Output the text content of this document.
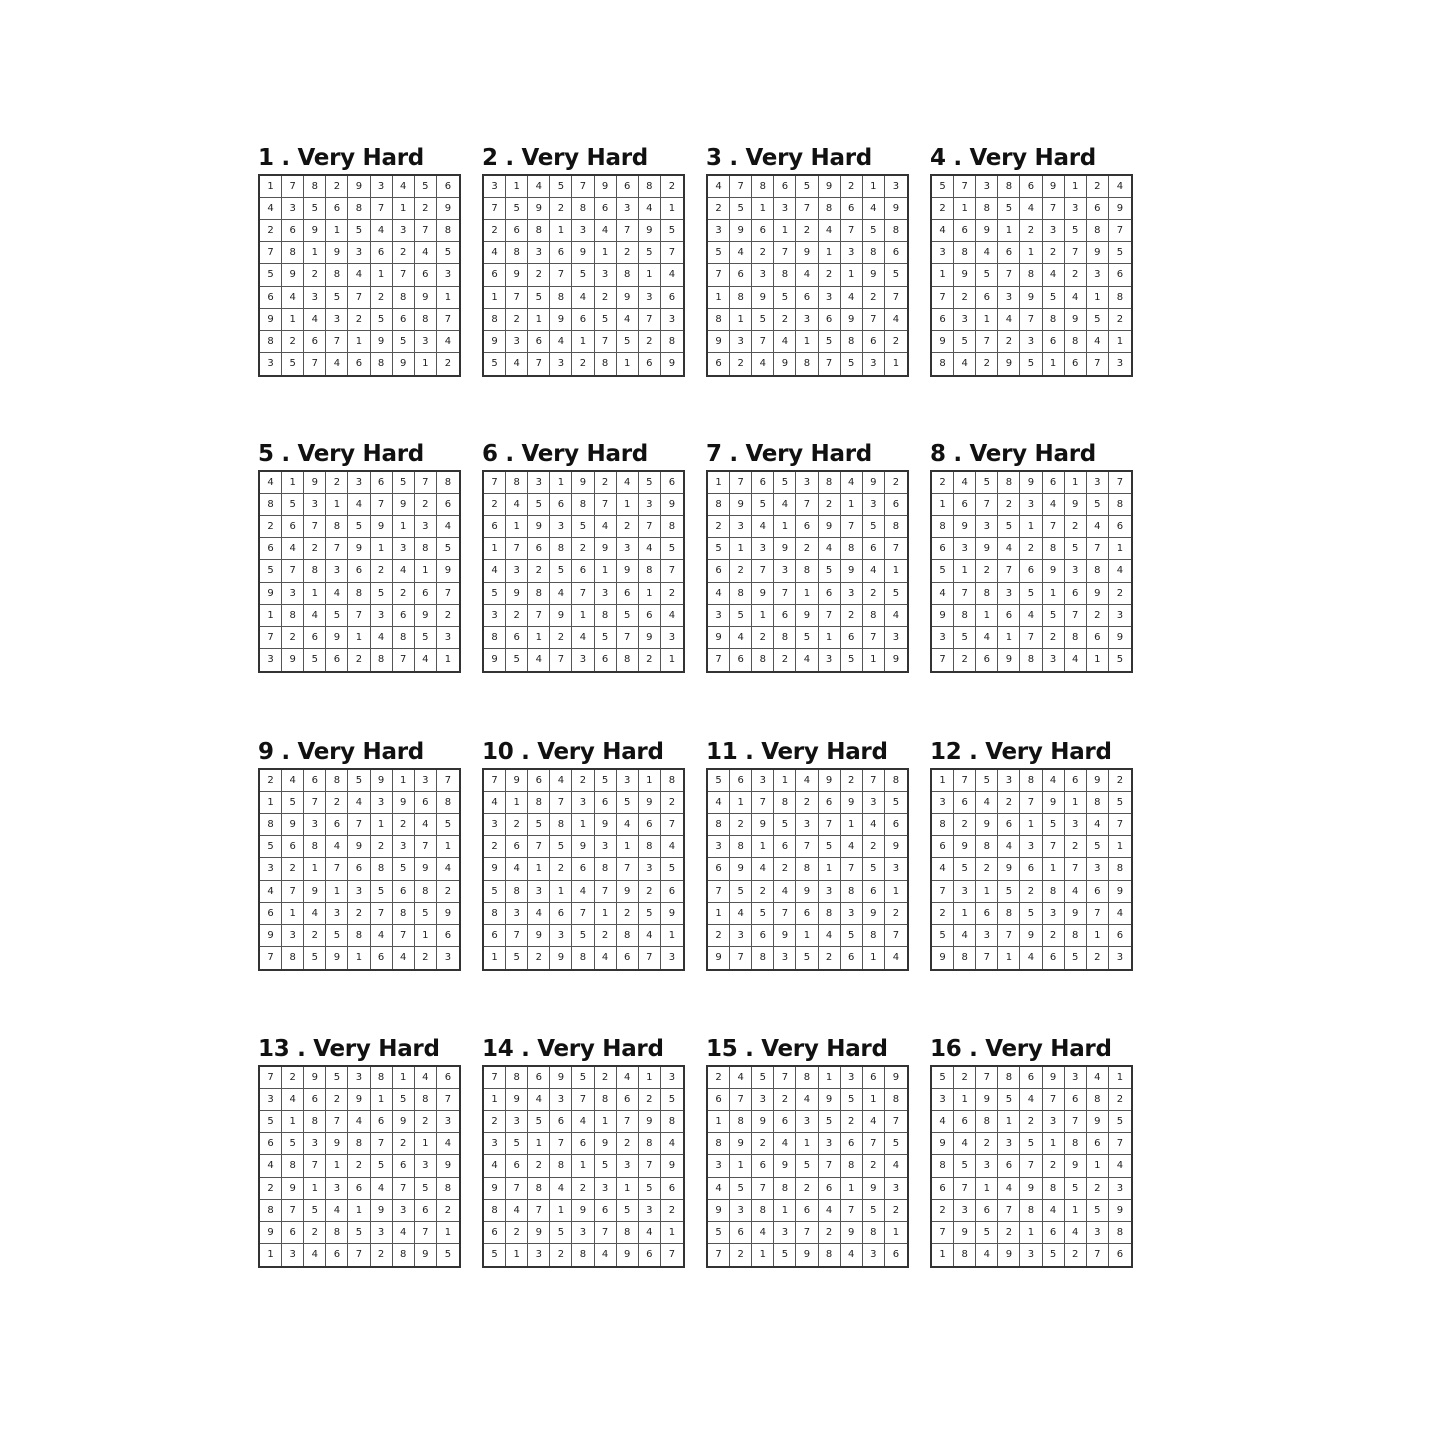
1 . Very Hard
1	7	8	2	9	3	4	5	6
4	3	5	6	8	7	1	2	9
2	6	9	1	5	4	3	7	8
7	8	1	9	3	6	2	4	5
5	9	2	8	4	1	7	6	3
6	4	3	5	7	2	8	9	1
9	1	4	3	2	5	6	8	7
8	2	6	7	1	9	5	3	4
3	5	7	4	6	8	9	1	2
2 . Very Hard
3	1	4	5	7	9	6	8	2
7	5	9	2	8	6	3	4	1
2	6	8	1	3	4	7	9	5
4	8	3	6	9	1	2	5	7
6	9	2	7	5	3	8	1	4
1	7	5	8	4	2	9	3	6
8	2	1	9	6	5	4	7	3
9	3	6	4	1	7	5	2	8
5	4	7	3	2	8	1	6	9
3 . Very Hard
4	7	8	6	5	9	2	1	3
2	5	1	3	7	8	6	4	9
3	9	6	1	2	4	7	5	8
5	4	2	7	9	1	3	8	6
7	6	3	8	4	2	1	9	5
1	8	9	5	6	3	4	2	7
8	1	5	2	3	6	9	7	4
9	3	7	4	1	5	8	6	2
6	2	4	9	8	7	5	3	1
4 . Very Hard
5	7	3	8	6	9	1	2	4
2	1	8	5	4	7	3	6	9
4	6	9	1	2	3	5	8	7
3	8	4	6	1	2	7	9	5
1	9	5	7	8	4	2	3	6
7	2	6	3	9	5	4	1	8
6	3	1	4	7	8	9	5	2
9	5	7	2	3	6	8	4	1
8	4	2	9	5	1	6	7	3
5 . Very Hard
4	1	9	2	3	6	5	7	8
8	5	3	1	4	7	9	2	6
2	6	7	8	5	9	1	3	4
6	4	2	7	9	1	3	8	5
5	7	8	3	6	2	4	1	9
9	3	1	4	8	5	2	6	7
1	8	4	5	7	3	6	9	2
7	2	6	9	1	4	8	5	3
3	9	5	6	2	8	7	4	1
6 . Very Hard
7	8	3	1	9	2	4	5	6
2	4	5	6	8	7	1	3	9
6	1	9	3	5	4	2	7	8
1	7	6	8	2	9	3	4	5
4	3	2	5	6	1	9	8	7
5	9	8	4	7	3	6	1	2
3	2	7	9	1	8	5	6	4
8	6	1	2	4	5	7	9	3
9	5	4	7	3	6	8	2	1
7 . Very Hard
1	7	6	5	3	8	4	9	2
8	9	5	4	7	2	1	3	6
2	3	4	1	6	9	7	5	8
5	1	3	9	2	4	8	6	7
6	2	7	3	8	5	9	4	1
4	8	9	7	1	6	3	2	5
3	5	1	6	9	7	2	8	4
9	4	2	8	5	1	6	7	3
7	6	8	2	4	3	5	1	9
8 . Very Hard
2	4	5	8	9	6	1	3	7
1	6	7	2	3	4	9	5	8
8	9	3	5	1	7	2	4	6
6	3	9	4	2	8	5	7	1
5	1	2	7	6	9	3	8	4
4	7	8	3	5	1	6	9	2
9	8	1	6	4	5	7	2	3
3	5	4	1	7	2	8	6	9
7	2	6	9	8	3	4	1	5
9 . Very Hard
2	4	6	8	5	9	1	3	7
1	5	7	2	4	3	9	6	8
8	9	3	6	7	1	2	4	5
5	6	8	4	9	2	3	7	1
3	2	1	7	6	8	5	9	4
4	7	9	1	3	5	6	8	2
6	1	4	3	2	7	8	5	9
9	3	2	5	8	4	7	1	6
7	8	5	9	1	6	4	2	3
10 . Very Hard
7	9	6	4	2	5	3	1	8
4	1	8	7	3	6	5	9	2
3	2	5	8	1	9	4	6	7
2	6	7	5	9	3	1	8	4
9	4	1	2	6	8	7	3	5
5	8	3	1	4	7	9	2	6
8	3	4	6	7	1	2	5	9
6	7	9	3	5	2	8	4	1
1	5	2	9	8	4	6	7	3
11 . Very Hard
5	6	3	1	4	9	2	7	8
4	1	7	8	2	6	9	3	5
8	2	9	5	3	7	1	4	6
3	8	1	6	7	5	4	2	9
6	9	4	2	8	1	7	5	3
7	5	2	4	9	3	8	6	1
1	4	5	7	6	8	3	9	2
2	3	6	9	1	4	5	8	7
9	7	8	3	5	2	6	1	4
12 . Very Hard
1	7	5	3	8	4	6	9	2
3	6	4	2	7	9	1	8	5
8	2	9	6	1	5	3	4	7
6	9	8	4	3	7	2	5	1
4	5	2	9	6	1	7	3	8
7	3	1	5	2	8	4	6	9
2	1	6	8	5	3	9	7	4
5	4	3	7	9	2	8	1	6
9	8	7	1	4	6	5	2	3
13 . Very Hard
7	2	9	5	3	8	1	4	6
3	4	6	2	9	1	5	8	7
5	1	8	7	4	6	9	2	3
6	5	3	9	8	7	2	1	4
4	8	7	1	2	5	6	3	9
2	9	1	3	6	4	7	5	8
8	7	5	4	1	9	3	6	2
9	6	2	8	5	3	4	7	1
1	3	4	6	7	2	8	9	5
14 . Very Hard
7	8	6	9	5	2	4	1	3
1	9	4	3	7	8	6	2	5
2	3	5	6	4	1	7	9	8
3	5	1	7	6	9	2	8	4
4	6	2	8	1	5	3	7	9
9	7	8	4	2	3	1	5	6
8	4	7	1	9	6	5	3	2
6	2	9	5	3	7	8	4	1
5	1	3	2	8	4	9	6	7
15 . Very Hard
2	4	5	7	8	1	3	6	9
6	7	3	2	4	9	5	1	8
1	8	9	6	3	5	2	4	7
8	9	2	4	1	3	6	7	5
3	1	6	9	5	7	8	2	4
4	5	7	8	2	6	1	9	3
9	3	8	1	6	4	7	5	2
5	6	4	3	7	2	9	8	1
7	2	1	5	9	8	4	3	6
16 . Very Hard
5	2	7	8	6	9	3	4	1
3	1	9	5	4	7	6	8	2
4	6	8	1	2	3	7	9	5
9	4	2	3	5	1	8	6	7
8	5	3	6	7	2	9	1	4
6	7	1	4	9	8	5	2	3
2	3	6	7	8	4	1	5	9
7	9	5	2	1	6	4	3	8
1	8	4	9	3	5	2	7	6
